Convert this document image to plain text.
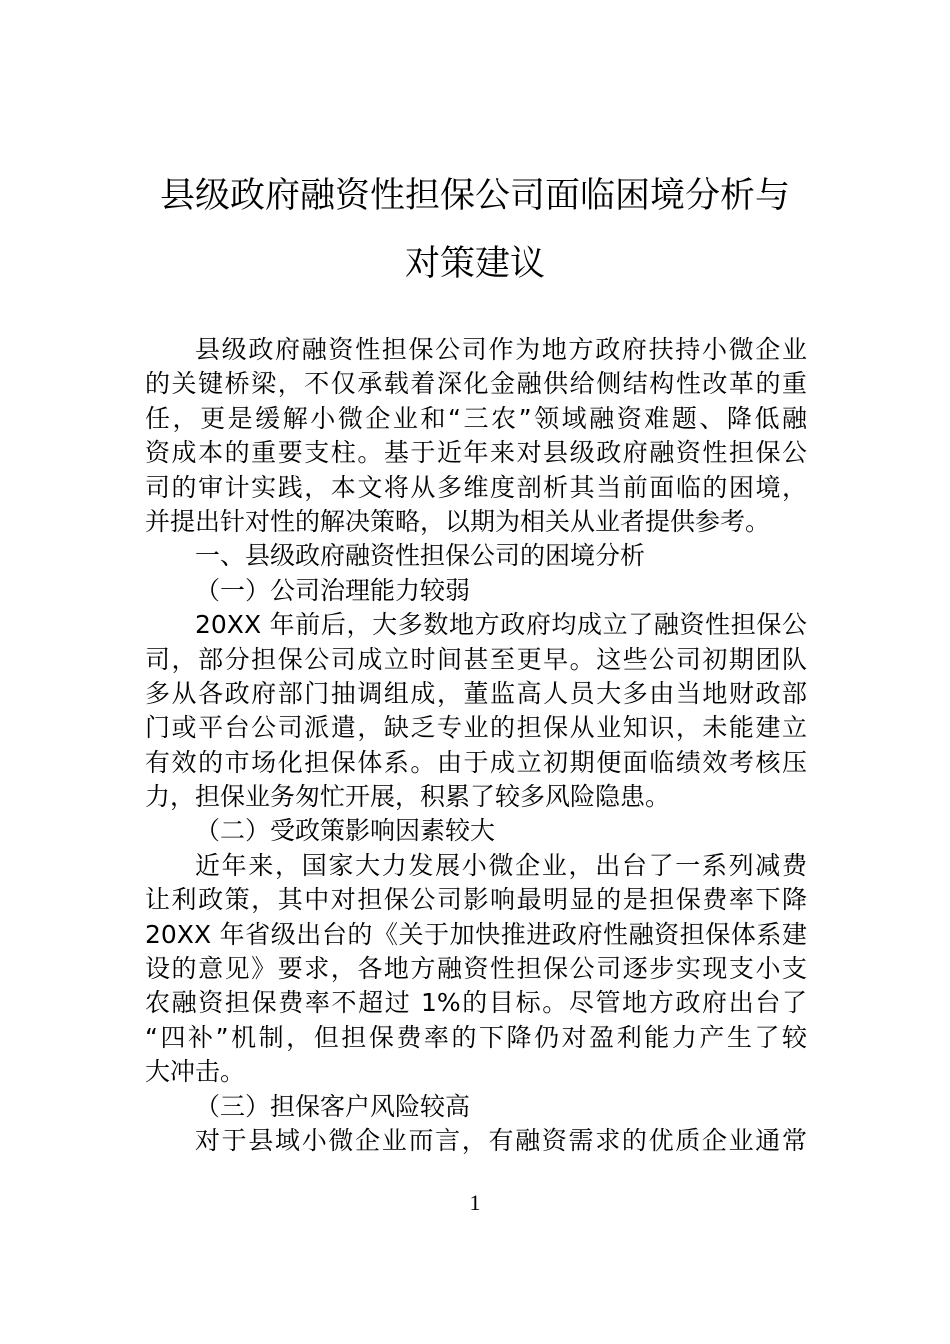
县级政府融资性担保公司面临困境分析与
对策建议
县级政府融资性担保公司作为地方政府扶持小微企业
的关键桥梁，不仅承载着深化金融供给侧结构性改革的重
任，更是缓解小微企业和“三农”领域融资难题、降低融
资成本的重要支柱。基于近年来对县级政府融资性担保公
司的审计实践，本文将从多维度剖析其当前面临的困境，
并提出针对性的解决策略，以期为相关从业者提供参考。
一、县级政府融资性担保公司的困境分析
（一）公司治理能力较弱
20XX 年前后，大多数地方政府均成立了融资性担保公
司，部分担保公司成立时间甚至更早。这些公司初期团队
多从各政府部门抽调组成，董监高人员大多由当地财政部
门或平台公司派遣，缺乏专业的担保从业知识，未能建立
有效的市场化担保体系。由于成立初期便面临绩效考核压
力，担保业务匆忙开展，积累了较多风险隐患。
（二）受政策影响因素较大
近年来，国家大力发展小微企业，出台了一系列减费
让利政策，其中对担保公司影响最明显的是担保费率下降
20XX 年省级出台的《关于加快推进政府性融资担保体系建
设的意见》要求，各地方融资性担保公司逐步实现支小支
农融资担保费率不超过 1%的目标。尽管地方政府出台了
“四补”机制，但担保费率的下降仍对盈利能力产生了较
大冲击。
（三）担保客户风险较高
对于县域小微企业而言，有融资需求的优质企业通常
1
